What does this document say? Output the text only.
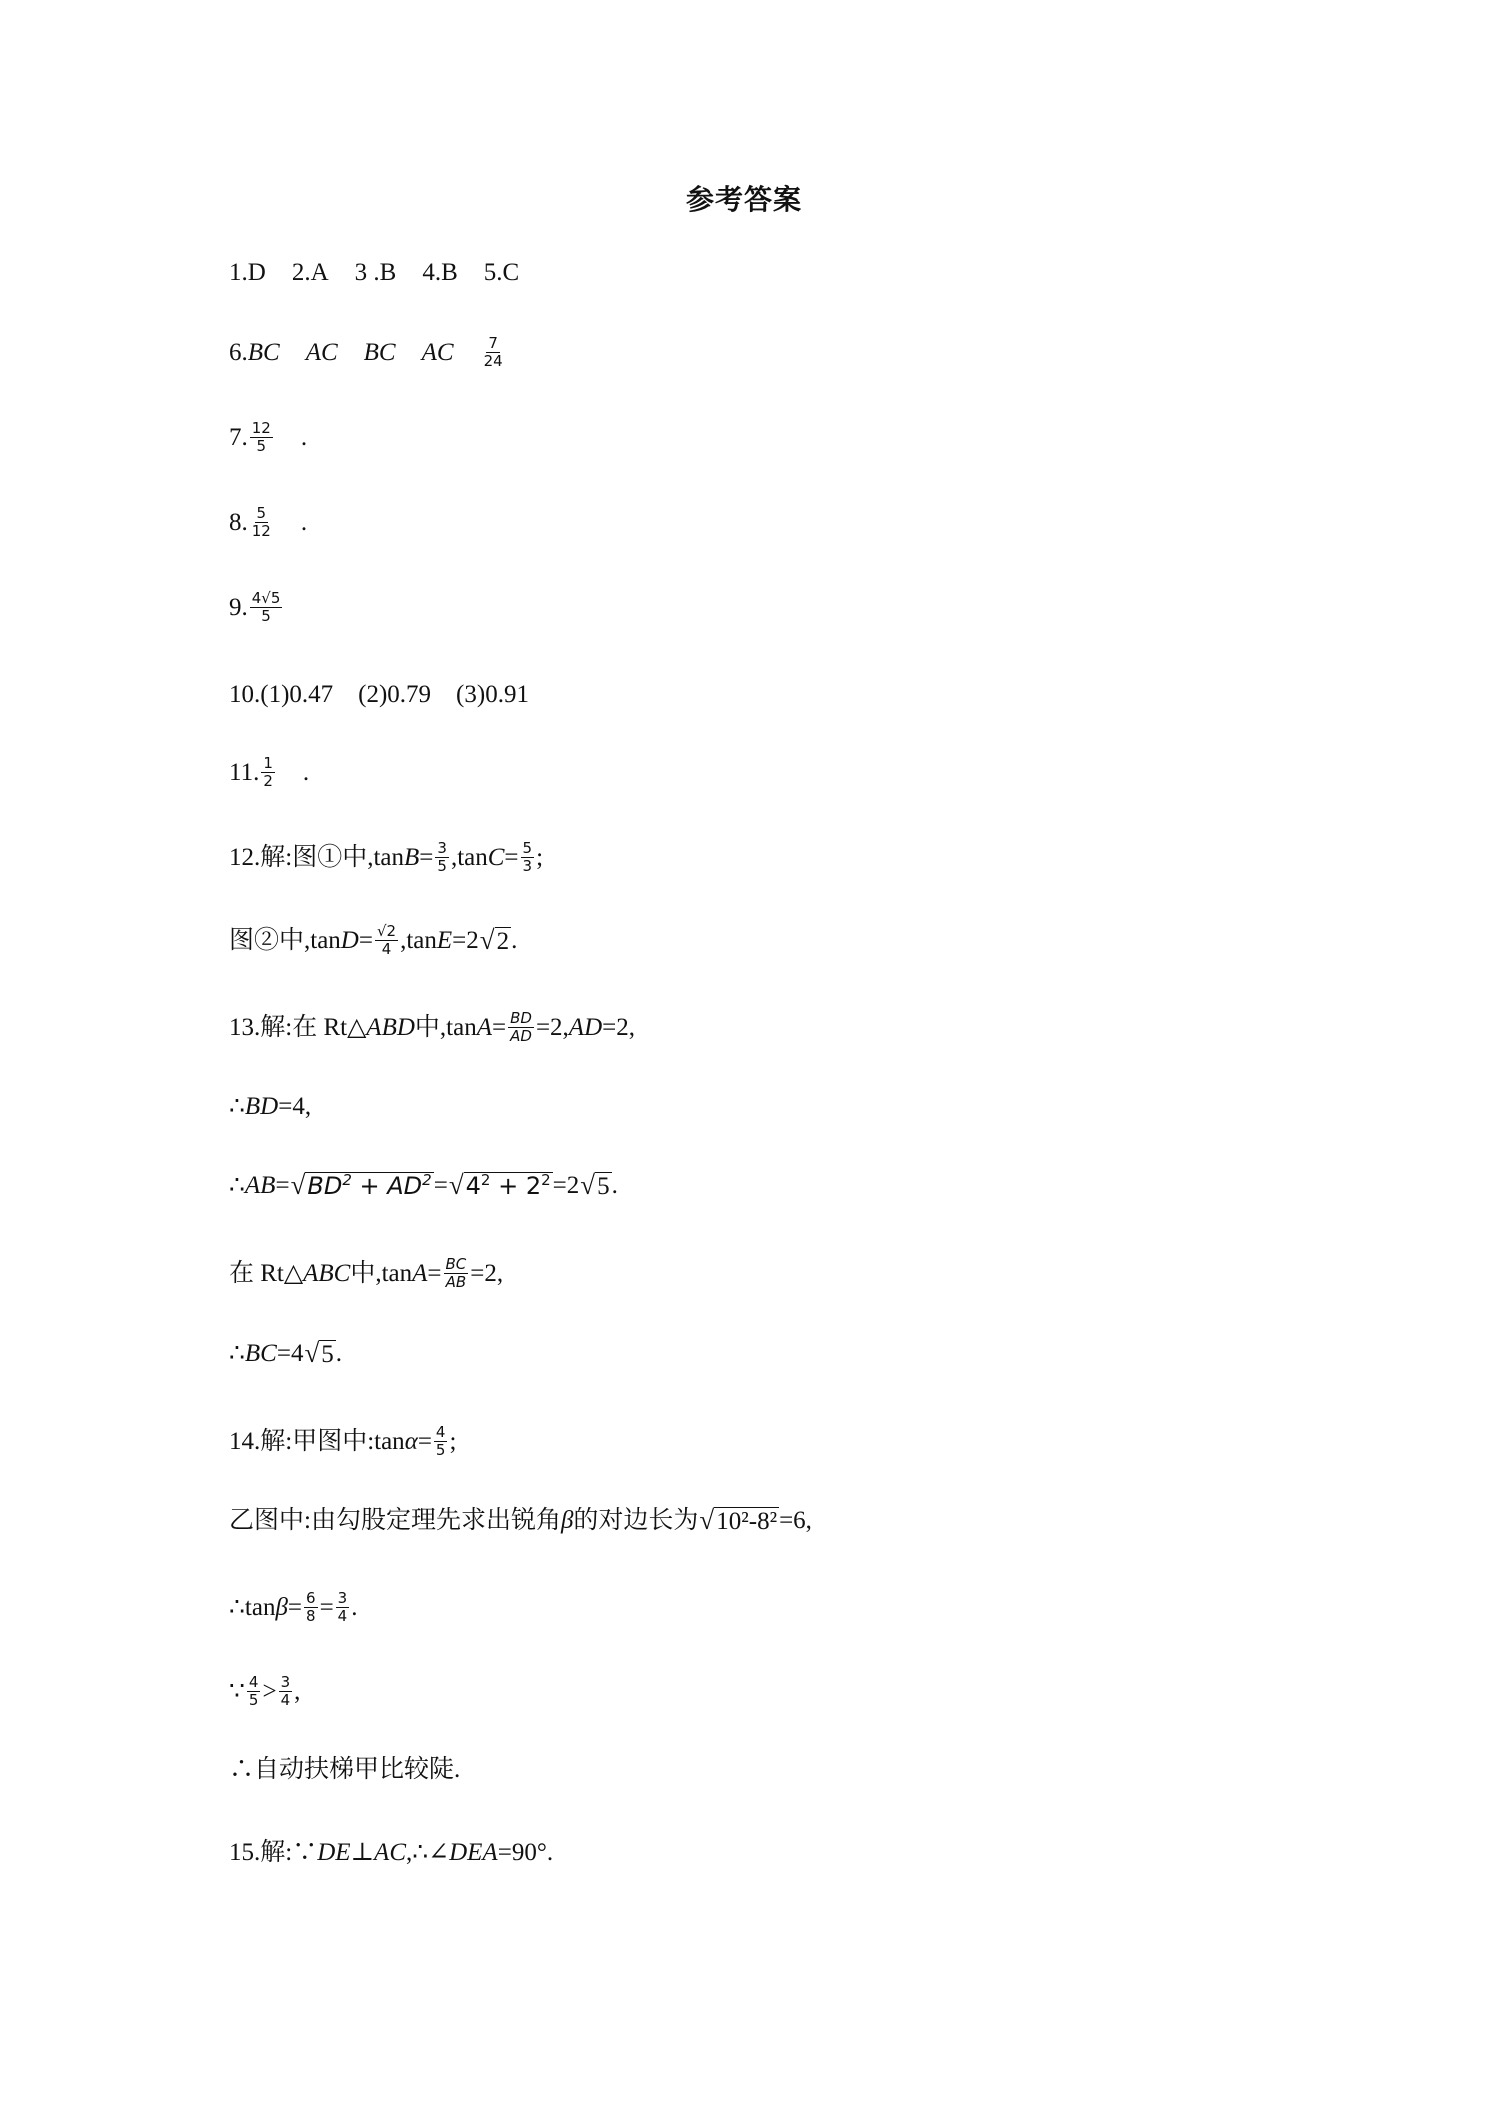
参考答案
1.D 2.A 3 .B 4.B 5.C
6. BC AC BC AC $\frac{7}{24}$
7. $\frac{12}{5}$ .
8. $\frac{5}{12}$ .
9. $\frac{4√5}{5}$
10.(1)0.47    (2)0.79    (3)0.91
11. $\frac{1}{2}$ .
12.解:图①中,tan $B = \frac{3}{5} ,\tan$ $C = \frac{5}{3}$ ;
图②中,tan $D = \frac{√2}{4} ,\tan$ E =2 √ 2 .
13.解:在 Rt△ ABD 中,tan $A = \frac{BD}{AD} =2$, AD =2,
∴ BD =4,
∴ AB = √ $BD^2 + AD^2$ = √ $4^2 + 2^2 =2$ √ 5 .
在 Rt△ ABC 中,tan $A = \frac{BC}{AB} =2$,
∴ BC =4 √ 5 .
14.解:甲图中:tan $\alpha = \frac{4}{5}$ ;
乙图中:由勾股定理先求出锐角 β 的对边长为 √ 10²-8² =6,
∴tan $\beta = \frac{6}{8} = \frac{3}{4}$ .
∵ $\frac{4}{5} > \frac{3}{4}$ ,
∴自动扶梯甲比较陡.
15.解:∵ DE ⊥ AC ,∴∠ DEA =90°.
